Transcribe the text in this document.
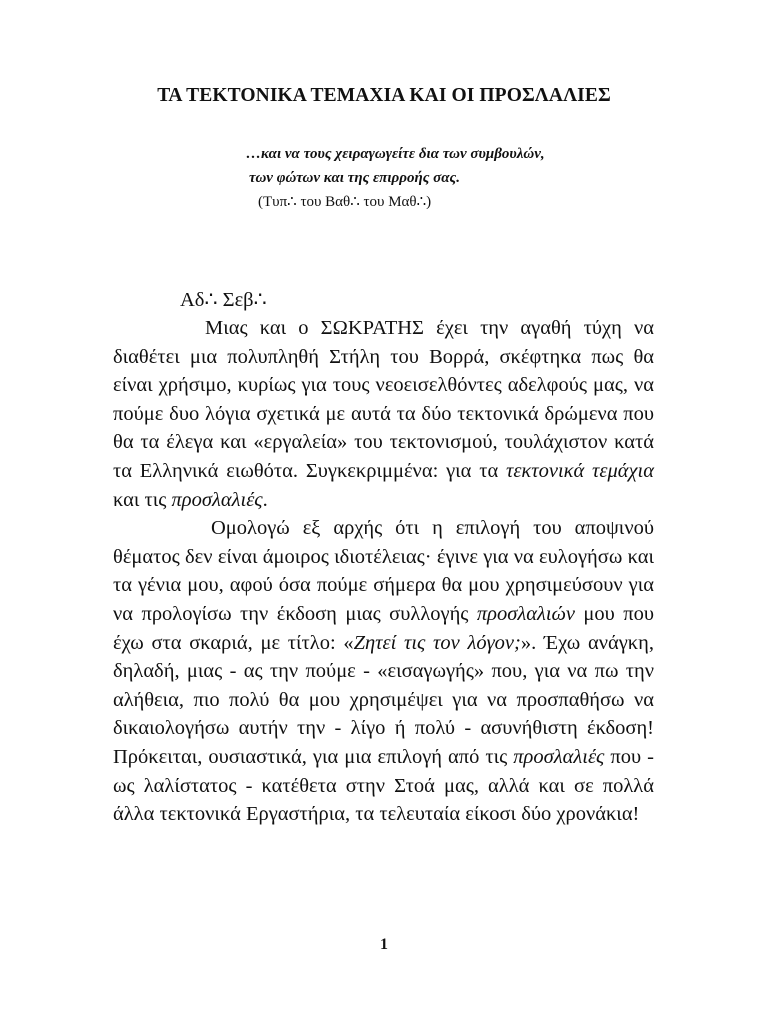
ΤΑ ΤΕΚΤΟΝΙΚΑ ΤΕΜΑΧΙΑ ΚΑΙ ΟΙ ΠΡΟΣΛΑΛΙΕΣ
…και να τους χειραγωγείτε δια των συμβουλών,
των φώτων και της επιρροής σας.
(Τυπ∴ του Βαθ∴ του Μαθ∴)
Αδ∴ Σεβ∴

Μιας και ο ΣΩΚΡΑΤΗΣ έχει την αγαθή τύχη να διαθέτει μια πολυπληθή Στήλη του Βορρά, σκέφτηκα πως θα είναι χρήσιμο, κυρίως για τους νεοεισελθόντες αδελφούς μας, να πούμε δυο λόγια σχετικά με αυτά τα δύο τεκτονικά δρώμενα που θα τα έλεγα και «εργαλεία» του τεκτονισμού, τουλάχιστον κατά τα Ελληνικά ειωθότα. Συγκεκριμμένα: για τα τεκτονικά τεμάχια και τις προσλαλιές.

Ομολογώ εξ αρχής ότι η επιλογή του αποψινού θέματος δεν είναι άμοιρος ιδιοτέλειας· έγινε για να ευλογήσω και τα γένια μου, αφού όσα πούμε σήμερα θα μου χρησιμεύσουν για να προλογίσω την έκδοση μιας συλλογής προσλαλιών μου που έχω στα σκαριά, με τίτλο: «Ζητεί τις τον λόγον;». Έχω ανάγκη, δηλαδή, μιας - ας την πούμε - «εισαγωγής» που, για να πω την αλήθεια, πιο πολύ θα μου χρησιμέψει για να προσπαθήσω να δικαιολογήσω αυτήν την - λίγο ή πολύ - ασυνήθιστη έκδοση! Πρόκειται, ουσιαστικά, για μια επιλογή από τις προσλαλιές που - ως λαλίστατος - κατέθετα στην Στοά μας, αλλά και σε πολλά άλλα τεκτονικά Εργαστήρια, τα τελευταία είκοσι δύο χρονάκια!

1
